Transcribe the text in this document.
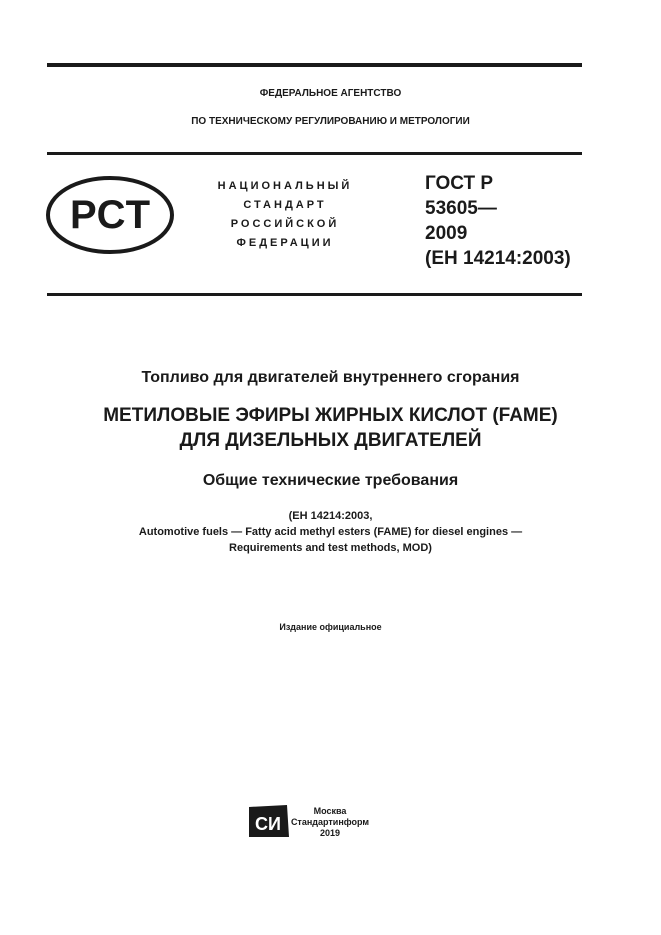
ФЕДЕРАЛЬНОЕ АГЕНТСТВО
ПО ТЕХНИЧЕСКОМУ РЕГУЛИРОВАНИЮ И МЕТРОЛОГИИ
PCT
НАЦИОНАЛЬНЫЙ
СТАНДАРТ
РОССИЙСКОЙ
ФЕДЕРАЦИИ
ГОСТ Р
53605—
2009
(ЕН 14214:2003)
Топливо для двигателей внутреннего сгорания
МЕТИЛОВЫЕ ЭФИРЫ ЖИРНЫХ КИСЛОТ (FAME)
ДЛЯ ДИЗЕЛЬНЫХ ДВИГАТЕЛЕЙ
Общие технические требования
(EH 14214:2003,
Automotive fuels — Fatty acid methyl esters (FAME) for diesel engines —
Requirements and test methods, MOD)
Издание официальное
СИ
Москва
Стандартинформ
2019
